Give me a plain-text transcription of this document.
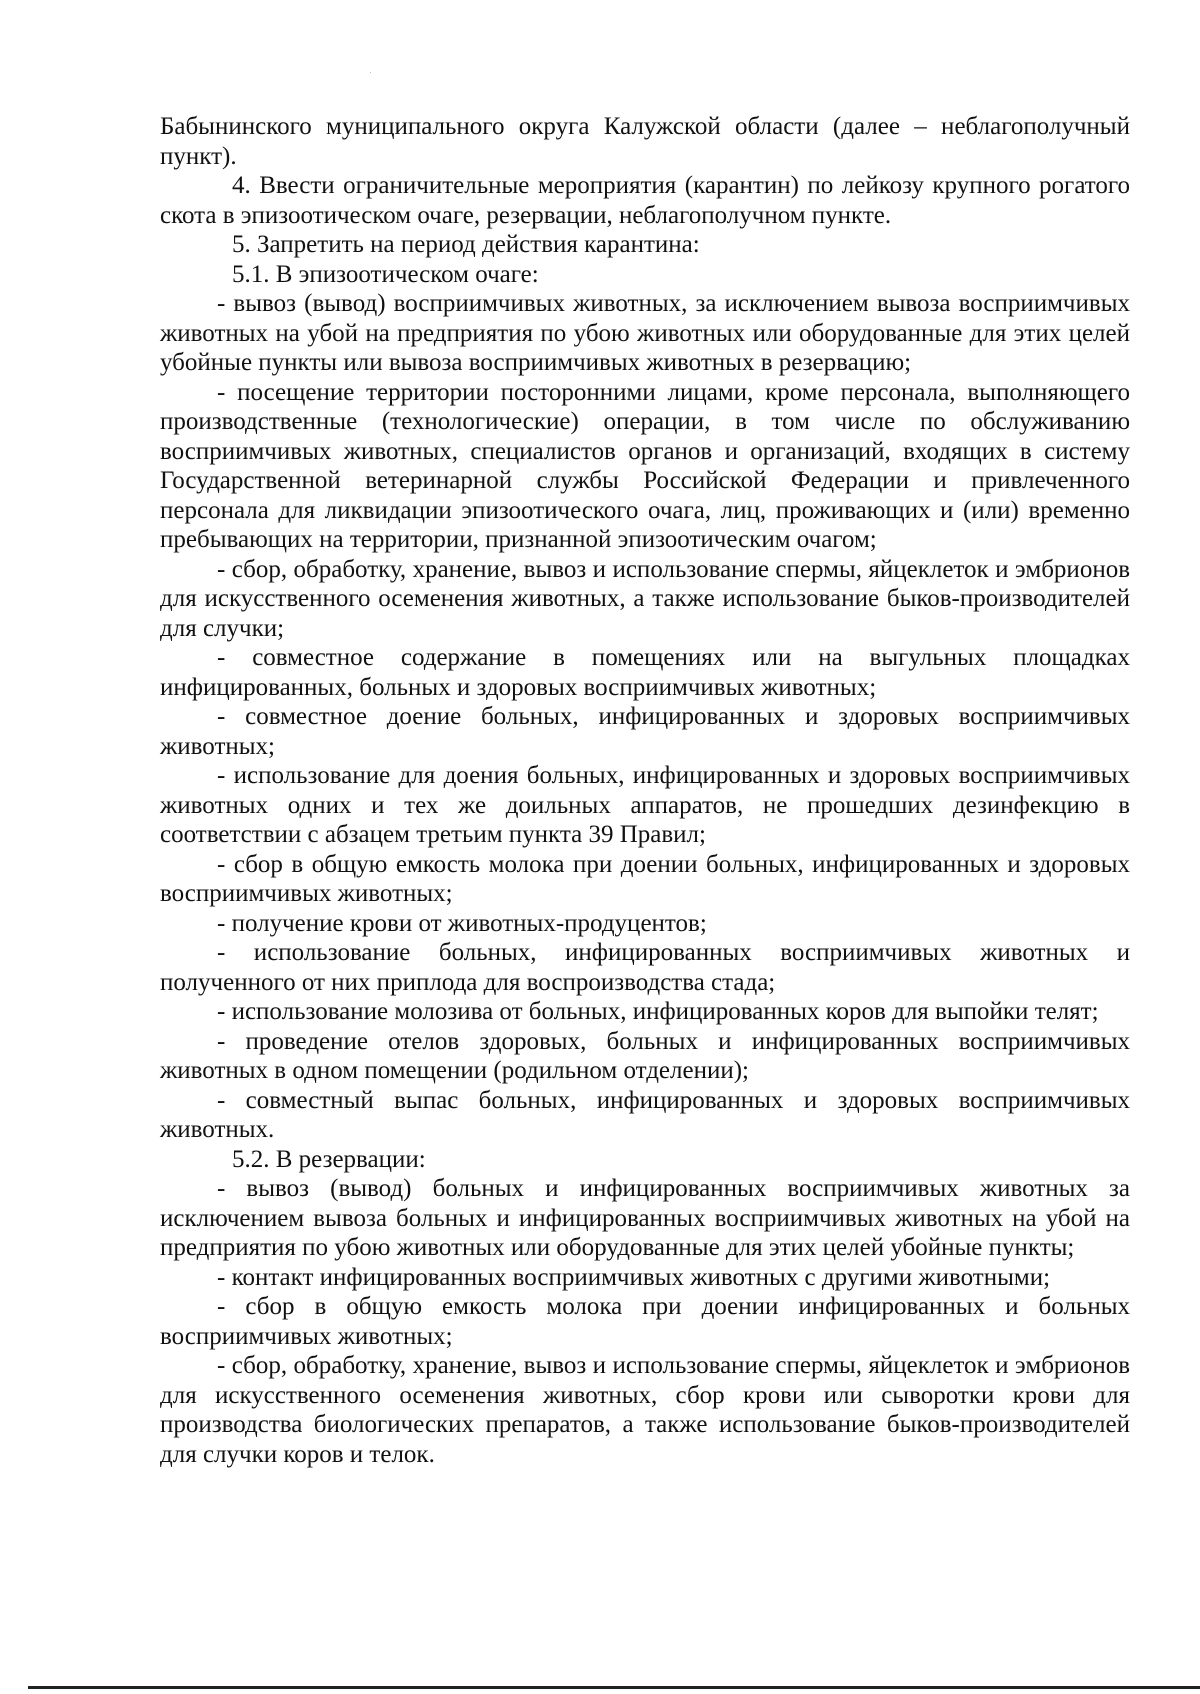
Бабынинского муниципального округа Калужской области (далее – неблагополучный пункт).

4. Ввести ограничительные мероприятия (карантин) по лейкозу крупного рогатого скота в эпизоотическом очаге, резервации, неблагополучном пункте.

5. Запретить на период действия карантина:

5.1. В эпизоотическом очаге:

- вывоз (вывод) восприимчивых животных, за исключением вывоза восприимчивых животных на убой на предприятия по убою животных или оборудованные для этих целей убойные пункты или вывоза восприимчивых животных в резервацию;

- посещение территории посторонними лицами, кроме персонала, выполняющего производственные (технологические) операции, в том числе по обслуживанию восприимчивых животных, специалистов органов и организаций, входящих в систему Государственной ветеринарной службы Российской Федерации и привлеченного персонала для ликвидации эпизоотического очага, лиц, проживающих и (или) временно пребывающих на территории, признанной эпизоотическим очагом;

- сбор, обработку, хранение, вывоз и использование спермы, яйцеклеток и эмбрионов для искусственного осеменения животных, а также использование быков-производителей для случки;

- совместное содержание в помещениях или на выгульных площадках инфицированных, больных и здоровых восприимчивых животных;

- совместное доение больных, инфицированных и здоровых восприимчивых животных;

- использование для доения больных, инфицированных и здоровых восприимчивых животных одних и тех же доильных аппаратов, не прошедших дезинфекцию в соответствии с абзацем третьим пункта 39 Правил;

- сбор в общую емкость молока при доении больных, инфицированных и здоровых восприимчивых животных;

- получение крови от животных-продуцентов;

- использование больных, инфицированных восприимчивых животных и полученного от них приплода для воспроизводства стада;

- использование молозива от больных, инфицированных коров для выпойки телят;

- проведение отелов здоровых, больных и инфицированных восприимчивых животных в одном помещении (родильном отделении);

- совместный выпас больных, инфицированных и здоровых восприимчивых животных.

5.2. В резервации:

- вывоз (вывод) больных и инфицированных восприимчивых животных за исключением вывоза больных и инфицированных восприимчивых животных на убой на предприятия по убою животных или оборудованные для этих целей убойные пункты;

- контакт инфицированных восприимчивых животных с другими животными;

- сбор в общую емкость молока при доении инфицированных и больных восприимчивых животных;

- сбор, обработку, хранение, вывоз и использование спермы, яйцеклеток и эмбрионов для искусственного осеменения животных, сбор крови или сыворотки крови для производства биологических препаратов, а также использование быков-производителей для случки коров и телок.
